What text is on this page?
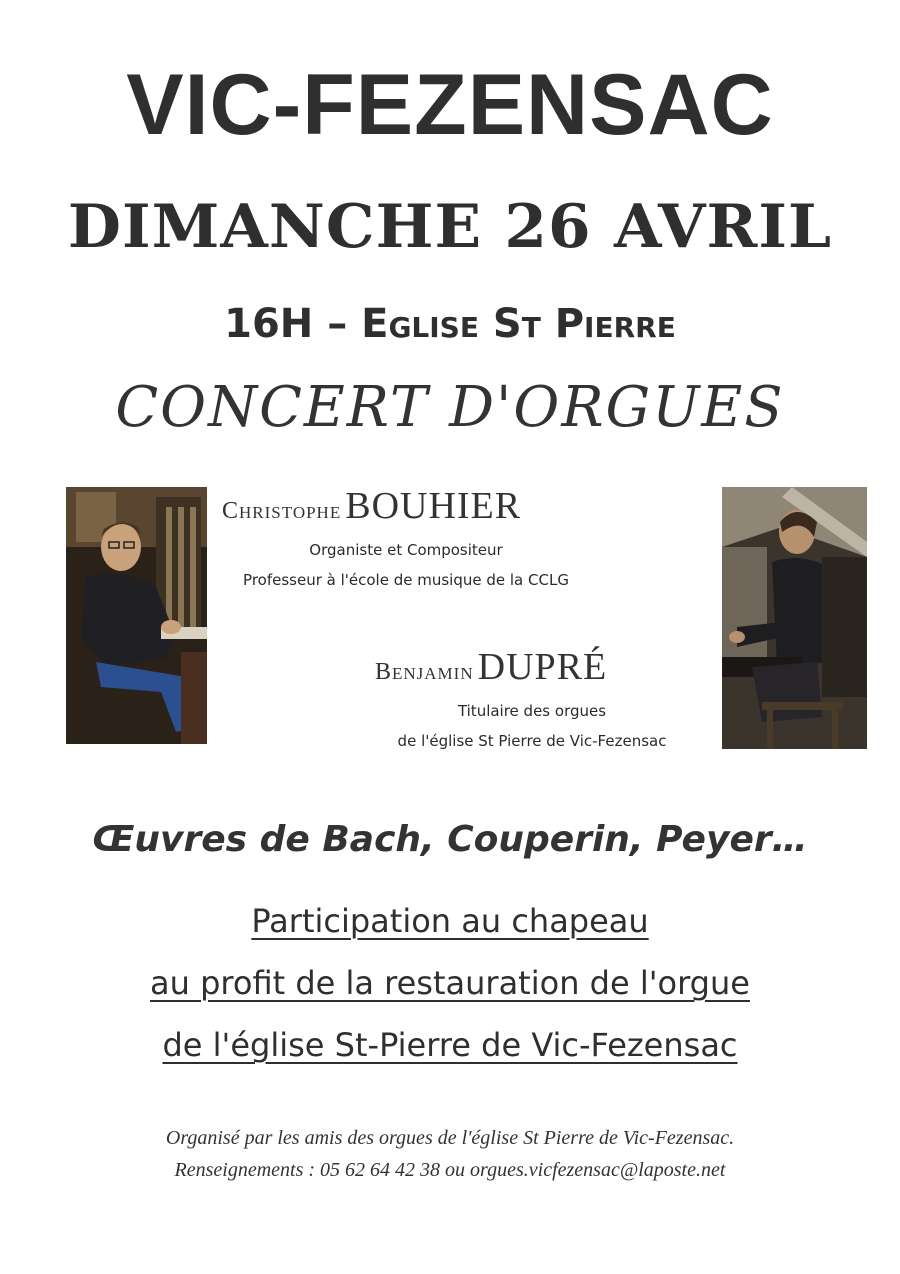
VIC-FEZENSAC
DIMANCHE 26 AVRIL
16H – Eglise St Pierre
CONCERT D'ORGUES
Christophe BOUHIER
Organiste et Compositeur
Professeur à l'école de musique de la CCLG
Benjamin DUPRÉ
Titulaire des orgues
de l'église St Pierre de Vic-Fezensac
Œuvres de Bach, Couperin, Peyer…
Participation au chapeau
au profit de la restauration de l'orgue
de l'église St-Pierre de Vic-Fezensac
Organisé par les amis des orgues de l'église St Pierre de Vic-Fezensac.
Renseignements : 05 62 64 42 38 ou orgues.vicfezensac@laposte.net
